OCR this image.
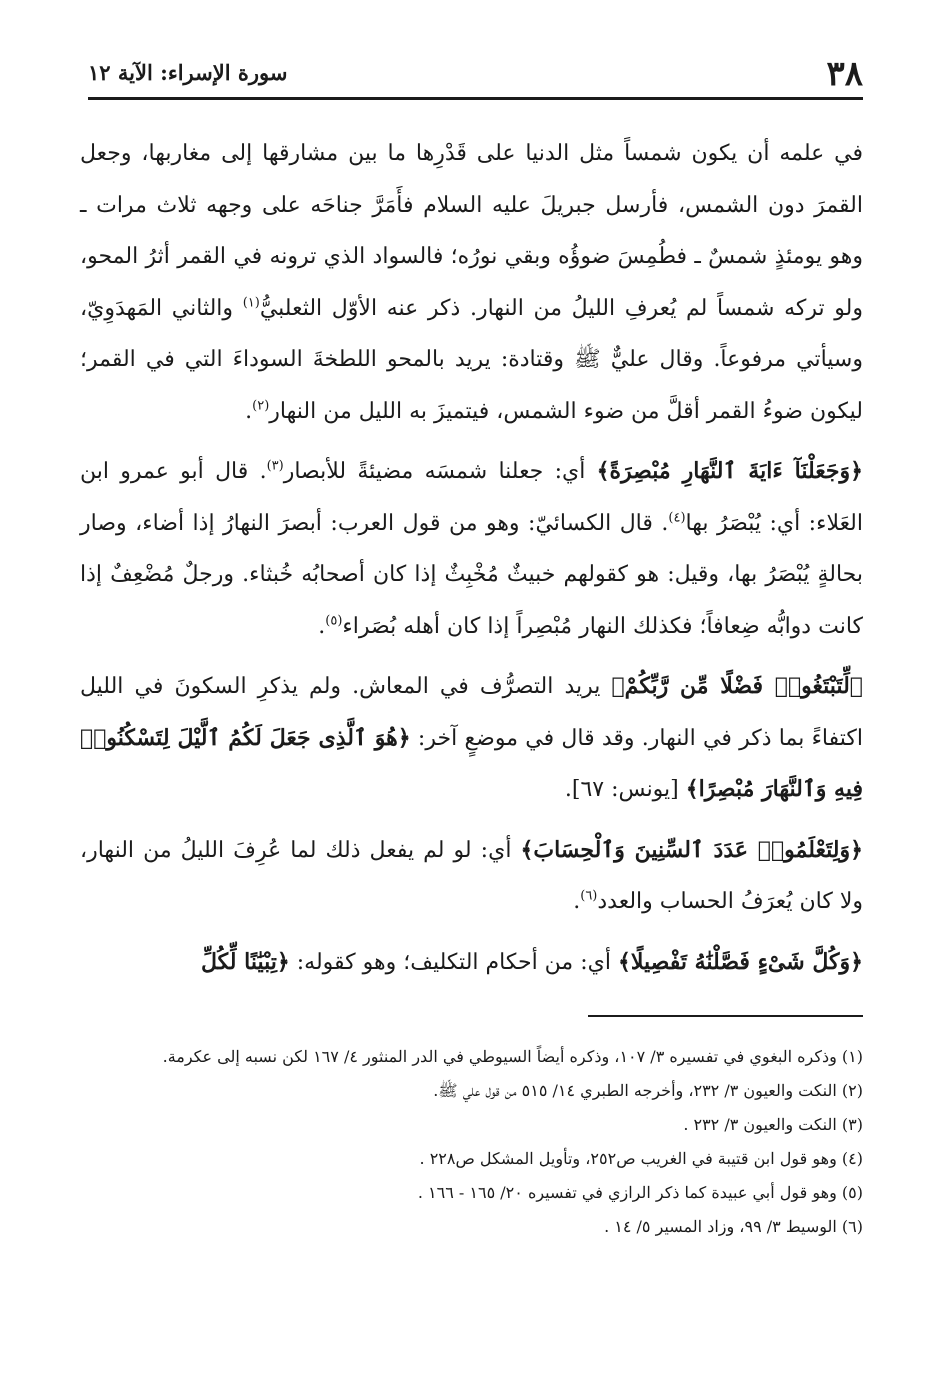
٣٨
سورة الإسراء: الآية ١٢

في علمه أن يكون شمساً مثل الدنيا على قَدْرِها ما بين مشارقها إلى مغاربها، وجعل القمرَ دون الشمس، فأرسل جبريلَ عليه السلام فأَمَرَّ جناحَه على وجهه ثلاث مرات ـ وهو يومئذٍ شمسٌ ـ فطُمِسَ ضوؤُه وبقي نورُه؛ فالسواد الذي ترونه في القمر أثرُ المحو، ولو تركه شمساً لم يُعرفِ الليلُ من النهار. ذكر عنه الأوّل الثعلبيُّ$^{(١)}$ والثاني المَهدَوِيّ، وسيأتي مرفوعاً. وقال عليٌّ ﷺ وقتادة: يريد بالمحو اللطخةَ السوداءَ التي في القمر؛ ليكون ضوءُ القمر أقلَّ من ضوء الشمس، فيتميزَ به الليل من النهار$^{(٢)}$.

﴿وَجَعَلْنَآ ءَايَةَ ٱلنَّهَارِ مُبْصِرَةً﴾ أي: جعلنا شمسَه مضيئةً للأبصار$^{(٣)}$. قال أبو عمرو ابن العَلاء: أي: يُبْصَرُ بها$^{(٤)}$. قال الكسائيّ: وهو من قول العرب: أبصرَ النهارُ إذا أضاء، وصار بحالةٍ يُبْصَرُ بها، وقيل: هو كقولهم خبيثٌ مُخْبِثٌ إذا كان أصحابُه خُبثاء. ورجلٌ مُضْعِفٌ إذا كانت دوابُّه ضِعافاً؛ فكذلك النهار مُبْصِراً إذا كان أهله بُصَراء$^{(٥)}$.

﴿لِّتَبْتَغُوا۟ فَضْلًا مِّن رَّبِّكُمْ﴾ يريد التصرُّف في المعاش. ولم يذكرِ السكونَ في الليل اكتفاءً بما ذكر في النهار. وقد قال في موضعٍ آخر: ﴿هُوَ ٱلَّذِى جَعَلَ لَكُمُ ٱلَّيْلَ لِتَسْكُنُوا۟ فِيهِ وَٱلنَّهَارَ مُبْصِرًا﴾ [يونس: ٦٧].

﴿وَلِتَعْلَمُوا۟ عَدَدَ ٱلسِّنِينَ وَٱلْحِسَابَ﴾ أي: لو لم يفعل ذلك لما عُرِفَ الليلُ من النهار، ولا كان يُعرَفُ الحساب والعدد$^{(٦)}$.

﴿وَكُلَّ شَىْءٍ فَصَّلْنَٰهُ تَفْصِيلًا﴾ أي: من أحكام التكليف؛ وهو كقوله: ﴿تِبْيَٰنًا لِّكُلِّ

(١) وذكره البغوي في تفسيره ٣/ ١٠٧، وذكره أيضاً السيوطي في الدر المنثور ٤/ ١٦٧ لكن نسبه إلى عكرمة.
(٢) النكت والعيون ٣/ ٢٣٢، وأخرجه الطبري ١٤/ ٥١٥ من قول علي ﷺ.
(٣) النكت والعيون ٣/ ٢٣٢ .
(٤) وهو قول ابن قتيبة في الغريب ص٢٥٢، وتأويل المشكل ص٢٢٨ .
(٥) وهو قول أبي عبيدة كما ذكر الرازي في تفسيره ٢٠/ ١٦٥ - ١٦٦ .
(٦) الوسيط ٣/ ٩٩، وزاد المسير ٥/ ١٤ .
